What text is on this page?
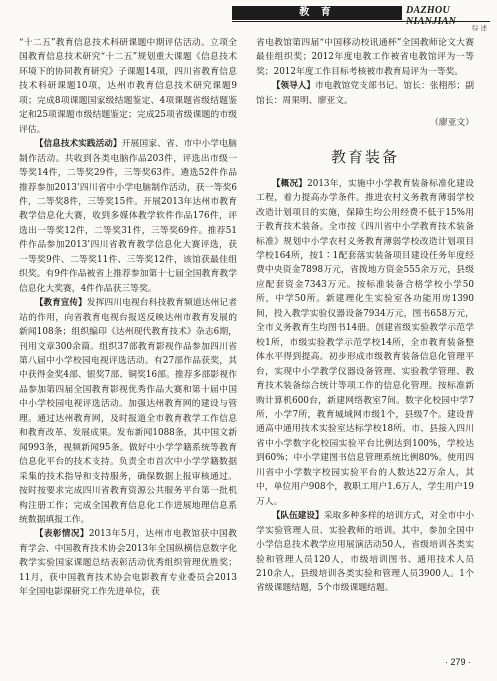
教 育	DAZHOU
综述

“十二五”教育信息技术科研课题中期评估活动。立项全国教育信息技术研究“十二五”规划重大课题《信息技术环境下的协同教育研究》子课题14项，四川省教育信息技术科研课题10项，达州市教育信息技术研究课题9项；完成8项课题国家级结题鉴定、4项课题省级结题鉴定和25项课题市级结题鉴定；完成25项省级课题的市级评估。

【信息技术实践活动】开展国家、省、市中小学电脑制作活动。共收到各类电脑作品203件，评选出市级一等奖14件，二等奖29件，三等奖63件。遴选52件作品推荐参加2013’四川省中小学电脑制作活动，获一等奖6件，二等奖8件，三等奖15件。开展2013年达州市教育教学信息化大赛，收到多媒体教学软件作品176件，评选出一等奖12件，二等奖31件，三等奖69件。推荐51件作品参加2013’四川省教育教学信息化大赛评选，获一等奖9件、二等奖11件、三等奖12件，该馆获最佳组织奖。有9件作品被省上推荐参加第十七届全国教育教学信息化大奖赛，4件作品获三等奖。

【教育宣传】发挥四川电视台科技教育频道达州记者站的作用，向省教育电视台报送反映达州市教育发展的新闻108条；组织编印《达州现代教育技术》杂志6期，刊用文章300余篇。组织37部教育影视作品参加四川省第八届中小学校园电视评选活动。有27部作品获奖，其中获得金奖4部、银奖7部、铜奖16部。推荐多部影视作品参加第四届全国教育影视优秀作品大赛和第十届中国中小学校园电视评选活动。加强达州教育网的建设与管理。通过达州教育网，及时报道全市教育教学工作信息和教育改革、发展成果。发布新闻1088条，其中国文新闻993条，视频新闻95条。做好中小学学籍系统等教育信息化平台的技术支持。负责全市首次中小学学籍数据采集的技术指导和支持服务，确保数据上报审核通过。按时按要求完成四川省教育资源公共服务平台第一批机构注册工作；完成全国教育信息化工作进展地理信息系统数据填报工作。

【表彰情况】2013年5月，达州市电教馆获中国教育学会、中国教育技术协会2013年全国纵横信息数字化教学实验国家课题总结表彰活动优秀组织管理优胜奖；11月，获中国教育技术协会电影教育专业委员会2013年全国电影课研究工作先进单位，获

省电教馆第四届“中国移动校讯通杯”全国教师论文大赛最佳组织奖；2012年度电教工作被省电教馆评为一等奖；2012年度工作目标考核被市教育局评为一等奖。

【领导人】市电教馆党支部书记、馆长：张栩彤；副馆长：周果明、廖亚文。

（廖亚文）
教育装备

【概况】2013年，实施中小学教育装备标准化建设工程，着力提高办学条件。推进农村义务教育薄弱学校改造计划项目的实施，保障生均公用经费不低于15%用于教育技术装备。全市按《四川省中小学教育技术装备标准》规划中小学农村义务教育薄弱学校改造计划项目学校164所，按1∶1配套落实装备项目建设任务年度经费中央资金7898万元，省拨地方资金555余万元，县级应配套资金7343万元。按标准装备合格学校小学50所，中学50所。新建理化生实验室各功能用房1390间，投入教学实验仪器设备7934万元，图书658万元，全市义务教育生均图书14册。创建省级实验教学示范学校1所，市级实验教学示范学校14所，全市教育装备整体水平得到提高。初步形成市级教育装备信息化管理平台，实现中小学教学仪器设备管理、实验教学管理、教育技术装备综合统计等项工作的信息化管理。按标准新购计算机600台，新建网络教室7间。数字化校园中学7所，小学7所，教育城域网市级1个，县级7个。建设普通高中通用技术实验室达标学校18所。市、县接入四川省中小学数字化校园实验平台比例达到100%，学校达到60%；中小学建图书信息管理系统比例80%。使用四川省中小学数字校园实验平台的人数达22万余人，其中，单位用户908个，教职工用户1.6万人，学生用户19万人。

【队伍建设】采取多种多样的培训方式，对全市中小学实验管理人员、实验教师的培训。其中，参加全国中小学信息技术教学应用展演活动50人，省级培训各类实验和管理人员120人，市级培训图书、通用技术人员210余人，县级培训各类实验和管理人员3900人。1个省级课题结题，5个市级课题结题。

· 279 ·
